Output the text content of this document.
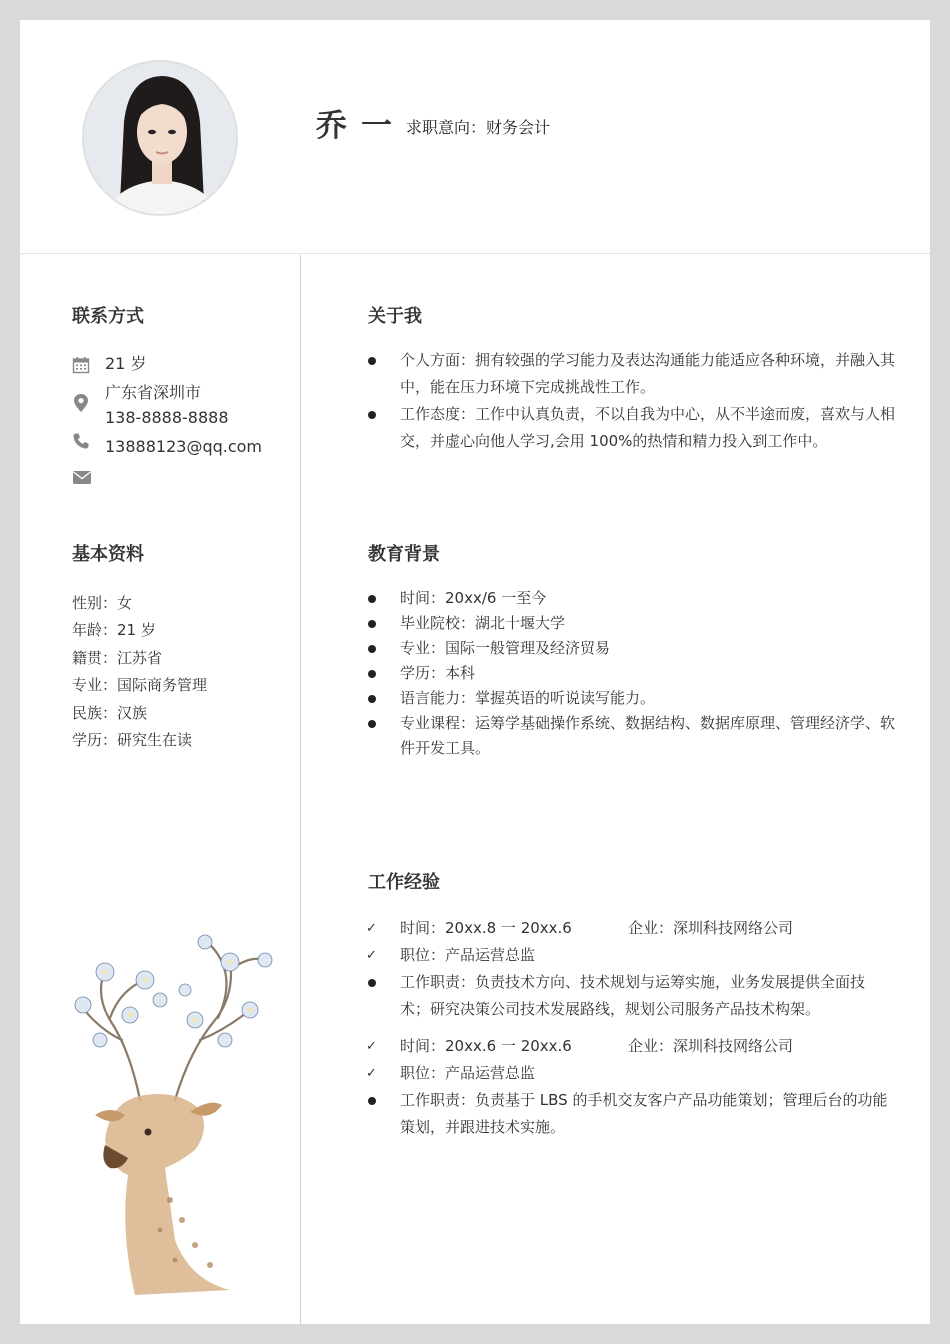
乔一 求职意向：财务会计
联系方式
21 岁
广东省深圳市
138-8888-8888
13888123@qq.com
基本资料
性别：女
年龄：21 岁
籍贯：江苏省
专业：国际商务管理
民族：汉族
学历：研究生在读
关于我
个人方面：拥有较强的学习能力及表达沟通能力能适应各种环境，并融入其中，能在压力环境下完成挑战性工作。
工作态度：工作中认真负责，不以自我为中心，从不半途而废，喜欢与人相交，并虚心向他人学习,会用 100%的热情和精力投入到工作中。
教育背景
时间：20xx/6 一至今
毕业院校：湖北十堰大学
专业：国际一般管理及经济贸易
学历：本科
语言能力：掌握英语的听说读写能力。
专业课程：运筹学基础操作系统、数据结构、数据库原理、管理经济学、软件开发工具。
工作经验
✓ 时间：20xx.8 一 20xx.6	企业：深圳科技网络公司
✓ 职位：产品运营总监
工作职责：负责技术方向、技术规划与运筹实施，业务发展提供全面技术；研究决策公司技术发展路线，规划公司服务产品技术构架。
✓ 时间：20xx.6 一 20xx.6	企业：深圳科技网络公司
✓ 职位：产品运营总监
工作职责：负责基于 LBS 的手机交友客户产品功能策划；管理后台的功能策划，并跟进技术实施。
